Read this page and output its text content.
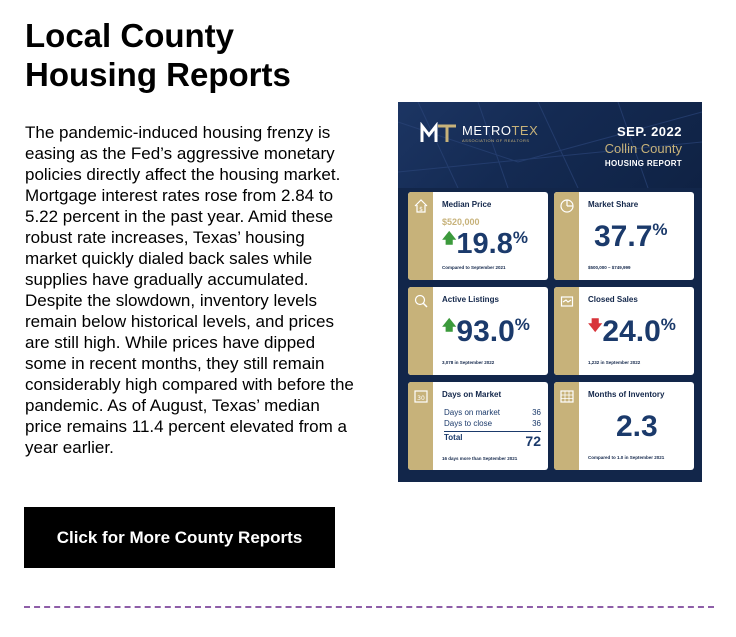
Local County Housing Reports

The pandemic-induced housing frenzy is easing as the Fed’s aggressive monetary policies directly affect the housing market. Mortgage interest rates rose from 2.84 to 5.22 percent in the past year. Amid these robust rate increases, Texas’ housing market quickly dialed back sales while supplies have gradually accumulated. Despite the slowdown, inventory levels remain below historical levels, and prices are still high. While prices have dipped some in recent months, they still remain considerably high compared with before the pandemic. As of August, Texas’ median price remains 11.4 percent elevated from a year earlier.

METROTEX
ASSOCIATION OF REALTORS
SEP. 2022
Collin County
HOUSING REPORT
$
Median Price
$520,000
🡅19.8%
Compared to September 2021
Market Share
37.7%
$500,000 – $749,999
Active Listings
🡅93.0%
3,078 in September 2022
Closed Sales
🡇24.0%
1,232 in September 2022
30 Days on Market
Days on market	36
Days to close	36
Total	72
16 days more than September 2021
Months of Inventory
2.3
Compared to 1.0 in September 2021
Click for More County Reports
